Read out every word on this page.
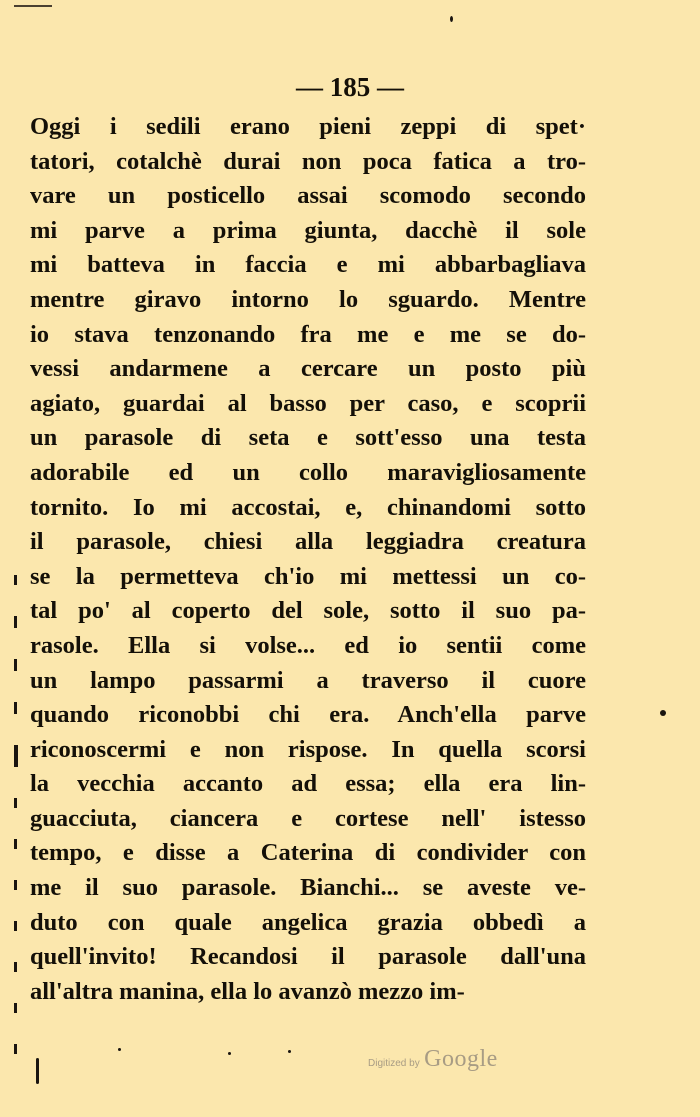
— 185 —
Oggi i sedili erano pieni zeppi di spet·
tatori, cotalchè durai non poca fatica a tro-
vare un posticello assai scomodo secondo
mi parve a prima giunta, dacchè il sole
mi batteva in faccia e mi abbarbagliava
mentre giravo intorno lo sguardo. Mentre
io stava tenzonando fra me e me se do-
vessi andarmene a cercare un posto più
agiato, guardai al basso per caso, e scoprii
un parasole di seta e sott'esso una testa
adorabile ed un collo maravigliosamente
tornito. Io mi accostai, e, chinandomi sotto
il parasole, chiesi alla leggiadra creatura
se la permetteva ch'io mi mettessi un co-
tal po' al coperto del sole, sotto il suo pa-
rasole. Ella si volse... ed io sentii come
un lampo passarmi a traverso il cuore
quando riconobbi chi era. Anch'ella parve
riconoscermi e non rispose. In quella scorsi
la vecchia accanto ad essa; ella era lin-
guacciuta, ciancera e cortese nell' istesso
tempo, e disse a Caterina di condivider con
me il suo parasole. Bianchi... se aveste ve-
duto con quale angelica grazia obbedì a
quell'invito! Recandosi il parasole dall'una
all'altra manina, ella lo avanzò mezzo im-
Digitized by Google
